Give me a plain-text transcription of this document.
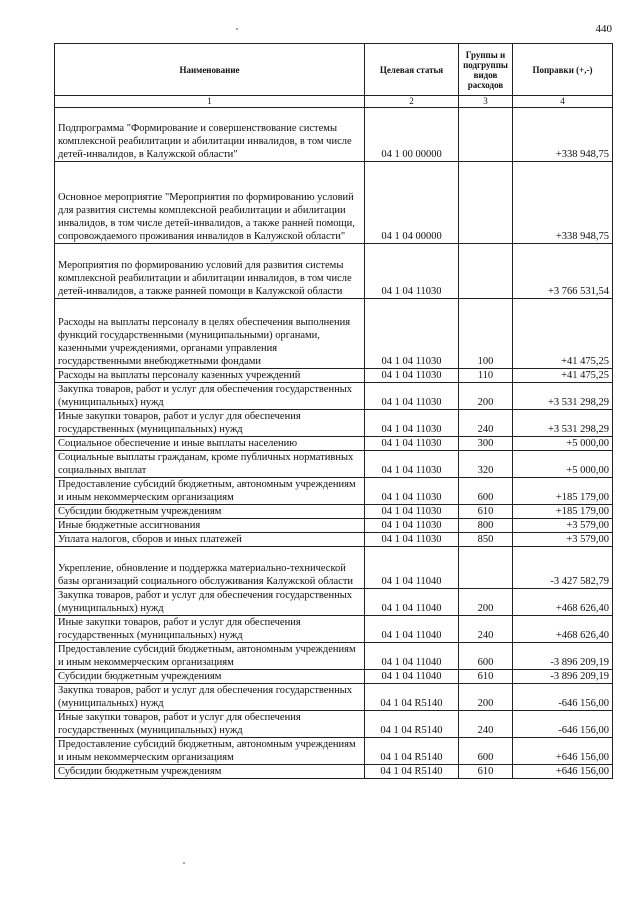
440
Наименование	Целевая статья	Группы и подгруппы видов расходов	Поправки (+,-)
1	2	3	4
Подпрограмма "Формирование и совершенствование системы комплексной реабилитации и абилитации инвалидов, в том числе детей-инвалидов, в Калужской области"	04 1 00 00000		+338 948,75
Основное мероприятие "Мероприятия по формированию условий для развития системы комплексной реабилитации и абилитации инвалидов, в том числе детей-инвалидов, а также ранней помощи, сопровождаемого проживания инвалидов в Калужской области"	04 1 04 00000		+338 948,75
Мероприятия по формированию условий для развития системы комплексной реабилитации и абилитации инвалидов, в том числе детей-инвалидов, а также ранней помощи в Калужской области	04 1 04 11030		+3 766 531,54
Расходы на выплаты персоналу в целях обеспечения выполнения функций государственными (муниципальными) органами, казенными учреждениями, органами управления государственными внебюджетными фондами	04 1 04 11030	100	+41 475,25
Расходы на выплаты персоналу казенных учреждений	04 1 04 11030	110	+41 475,25
Закупка товаров, работ и услуг для обеспечения государственных (муниципальных) нужд	04 1 04 11030	200	+3 531 298,29
Иные закупки товаров, работ и услуг для обеспечения государственных (муниципальных) нужд	04 1 04 11030	240	+3 531 298,29
Социальное обеспечение и иные выплаты населению	04 1 04 11030	300	+5 000,00
Социальные выплаты гражданам, кроме публичных нормативных социальных выплат	04 1 04 11030	320	+5 000,00
Предоставление субсидий бюджетным, автономным учреждениям и иным некоммерческим организациям	04 1 04 11030	600	+185 179,00
Субсидии бюджетным учреждениям	04 1 04 11030	610	+185 179,00
Иные бюджетные ассигнования	04 1 04 11030	800	+3 579,00
Уплата налогов, сборов и иных платежей	04 1 04 11030	850	+3 579,00
Укрепление, обновление и поддержка материально-технической базы организаций социального обслуживания Калужской области	04 1 04 11040		-3 427 582,79
Закупка товаров, работ и услуг для обеспечения государственных (муниципальных) нужд	04 1 04 11040	200	+468 626,40
Иные закупки товаров, работ и услуг для обеспечения государственных (муниципальных) нужд	04 1 04 11040	240	+468 626,40
Предоставление субсидий бюджетным, автономным учреждениям и иным некоммерческим организациям	04 1 04 11040	600	-3 896 209,19
Субсидии бюджетным учреждениям	04 1 04 11040	610	-3 896 209,19
Закупка товаров, работ и услуг для обеспечения государственных (муниципальных) нужд	04 1 04 R5140	200	-646 156,00
Иные закупки товаров, работ и услуг для обеспечения государственных (муниципальных) нужд	04 1 04 R5140	240	-646 156,00
Предоставление субсидий бюджетным, автономным учреждениям и иным некоммерческим организациям	04 1 04 R5140	600	+646 156,00
Субсидии бюджетным учреждениям	04 1 04 R5140	610	+646 156,00
